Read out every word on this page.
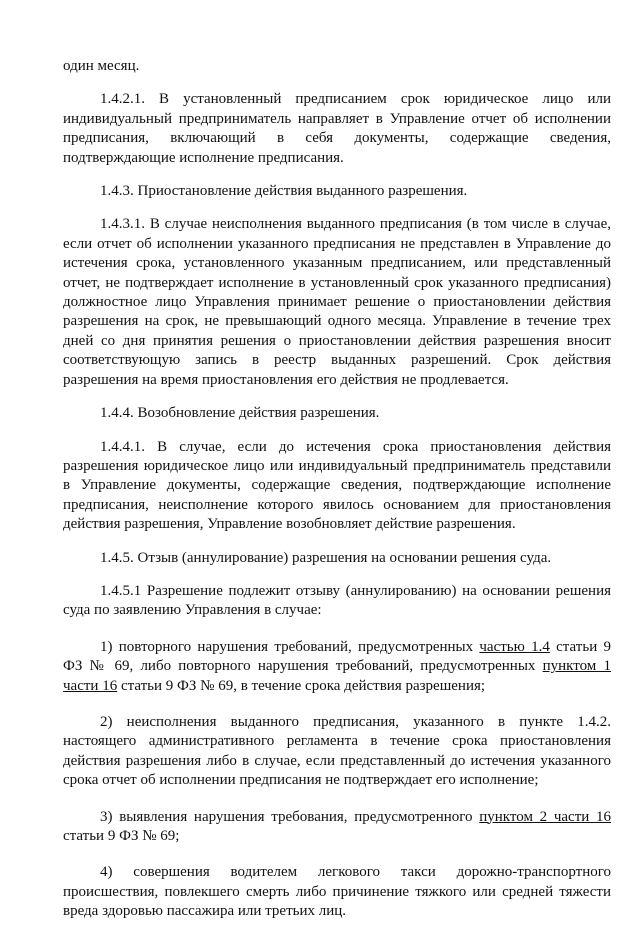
один месяц.

1.4.2.1. В установленный предписанием срок юридическое лицо или индивидуальный предприниматель направляет в Управление отчет об исполнении предписания, включающий в себя документы, содержащие сведения, подтверждающие исполнение предписания.

1.4.3. Приостановление действия выданного разрешения.

1.4.3.1. В случае неисполнения выданного предписания (в том числе в случае, если отчет об исполнении указанного предписания не представлен в Управление до истечения срока, установленного указанным предписанием, или представленный отчет, не подтверждает исполнение в установленный срок указанного предписания) должностное лицо Управления принимает решение о приостановлении действия разрешения на срок, не превышающий одного месяца. Управление в течение трех дней со дня принятия решения о приостановлении действия разрешения вносит соответствующую запись в реестр выданных разрешений. Срок действия разрешения на время приостановления его действия не продлевается.

1.4.4. Возобновление действия разрешения.

1.4.4.1. В случае, если до истечения срока приостановления действия разрешения юридическое лицо или индивидуальный предприниматель представили в Управление документы, содержащие сведения, подтверждающие исполнение предписания, неисполнение которого явилось основанием для приостановления действия разрешения, Управление возобновляет действие разрешения.

1.4.5. Отзыв (аннулирование) разрешения на основании решения суда.

1.4.5.1 Разрешение подлежит отзыву (аннулированию) на основании решения суда по заявлению Управления в случае:

1) повторного нарушения требований, предусмотренных частью 1.4 статьи 9 ФЗ № 69, либо повторного нарушения требований, предусмотренных пунктом 1 части 16 статьи 9 ФЗ № 69, в течение срока действия разрешения;

2) неисполнения выданного предписания, указанного в пункте 1.4.2. настоящего административного регламента в течение срока приостановления действия разрешения либо в случае, если представленный до истечения указанного срока отчет об исполнении предписания не подтверждает его исполнение;

3) выявления нарушения требования, предусмотренного пунктом 2 части 16 статьи 9 ФЗ № 69;

4) совершения водителем легкового такси дорожно-транспортного происшествия, повлекшего смерть либо причинение тяжкого или средней тяжести вреда здоровью пассажира или третьих лиц.
